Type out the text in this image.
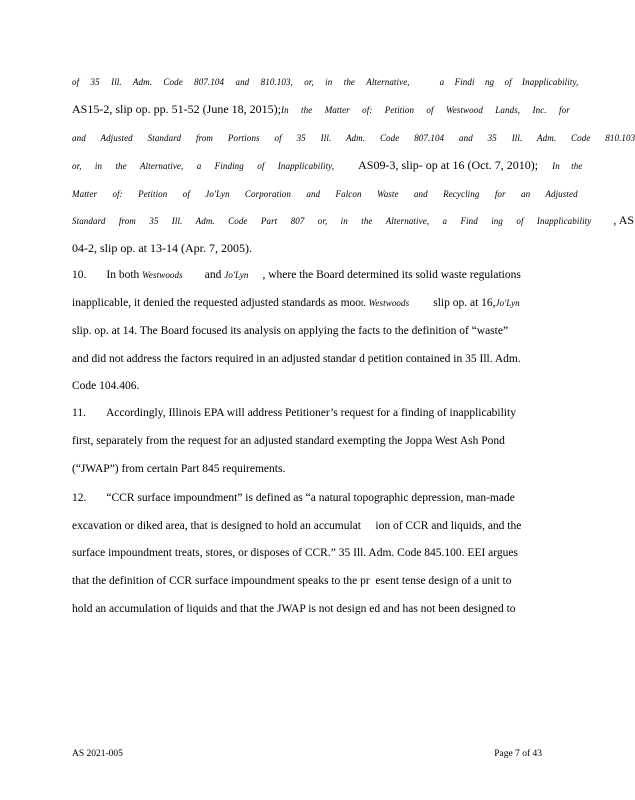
of 35 Ill. Adm. Code 807.104 and 810.103, or, in the Alternative,	a Findi ng of Inapplicability,
AS15-2, slip op. pp. 51-52 (June 18, 2015);In the Matter of: Petition of Westwood Lands, Inc. for
and Adjusted Standard from Portions of 35 Ill. Adm. Code 807.104 and 35 Ill. Adm. Code 810.103
or, in the Alternative, a Finding of Inapplicability, AS09-3, slip- op at 16 (Oct. 7, 2010); In the
Matter of: Petition of Jo'Lyn Corporation and Falcon Waste and Recycling for an Adjusted
Standard from 35 Ill. Adm. Code Part 807 or, in the Alternative, a Find ing of Inapplicability , AS
04-2, slip op. at 13-14 (Apr. 7, 2005).
10. In both Westwoods and Jo'Lyn , where the Board determined its solid waste regulations
inapplicable, it denied the requested adjusted standards as moot. Westwoods slip op. at 16,Jo'Lyn
slip. op. at 14. The Board focused its analysis on applying the facts to the definition of “waste”
and did not address the factors required in an adjusted standar d petition contained in 35 Ill. Adm.
Code 104.406.
11. Accordingly, Illinois EPA will address Petitioner’s request for a finding of inapplicability
first, separately from the request for an adjusted standard exempting the Joppa West Ash Pond
(“JWAP”) from certain Part 845 requirements.
12. “CCR surface impoundment” is defined as “a natural topographic depression, man-made
excavation or diked area, that is designed to hold an accumulat     ion of CCR and liquids, and the
surface impoundment treats, stores, or disposes of CCR.” 35 Ill. Adm. Code 845.100. EEI argues
that the definition of CCR surface impoundment speaks to the pr  esent tense design of a unit to
hold an accumulation of liquids and that the JWAP is not design ed and has not been designed to
AS 2021-005	Page 7 of 43
